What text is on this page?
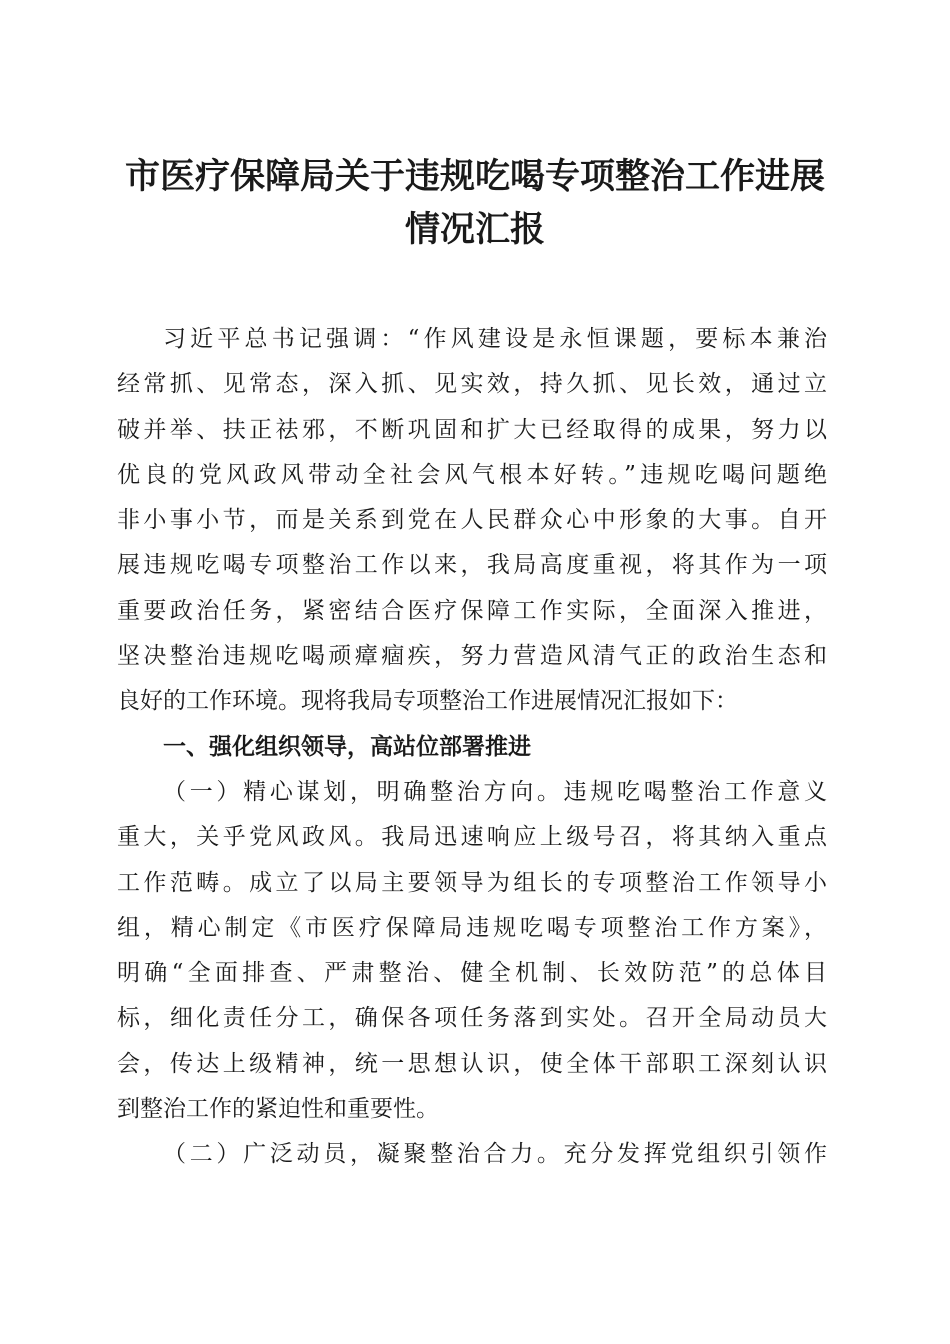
市医疗保障局关于违规吃喝专项整治工作进展
情况汇报
习近平总书记强调：“作风建设是永恒课题，要标本兼治
经常抓、见常态，深入抓、见实效，持久抓、见长效，通过立
破并举、扶正祛邪，不断巩固和扩大已经取得的成果，努力以
优良的党风政风带动全社会风气根本好转。”违规吃喝问题绝
非小事小节，而是关系到党在人民群众心中形象的大事。自开
展违规吃喝专项整治工作以来，我局高度重视，将其作为一项
重要政治任务，紧密结合医疗保障工作实际，全面深入推进，
坚决整治违规吃喝顽瘴痼疾，努力营造风清气正的政治生态和
良好的工作环境。现将我局专项整治工作进展情况汇报如下：
一、强化组织领导，高站位部署推进
（一）精心谋划，明确整治方向。违规吃喝整治工作意义
重大，关乎党风政风。我局迅速响应上级号召，将其纳入重点
工作范畴。成立了以局主要领导为组长的专项整治工作领导小
组，精心制定《市医疗保障局违规吃喝专项整治工作方案》，
明确“全面排查、严肃整治、健全机制、长效防范”的总体目
标，细化责任分工，确保各项任务落到实处。召开全局动员大
会，传达上级精神，统一思想认识，使全体干部职工深刻认识
到整治工作的紧迫性和重要性。
（二）广泛动员，凝聚整治合力。充分发挥党组织引领作
